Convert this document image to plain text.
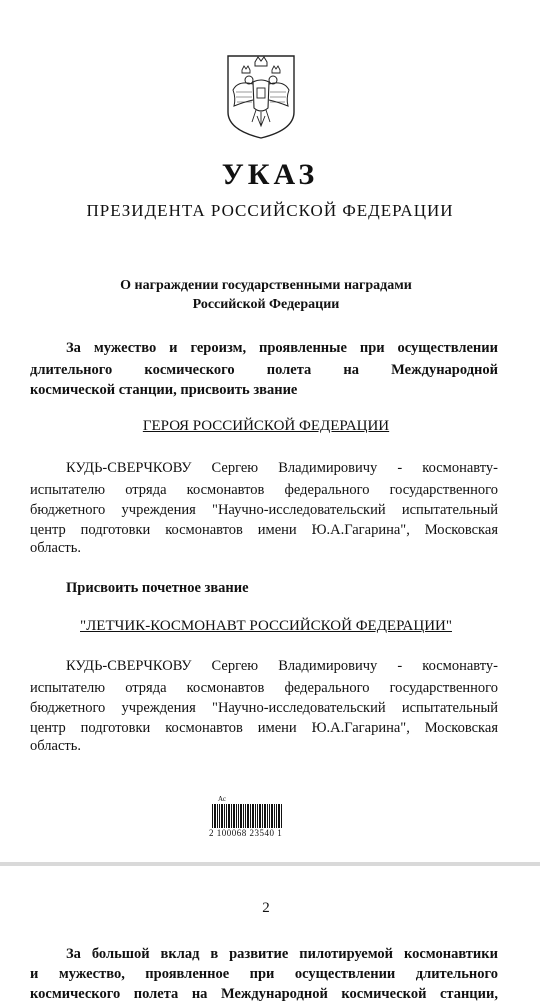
УКАЗ
ПРЕЗИДЕНТА РОССИЙСКОЙ ФЕДЕРАЦИИ
О награждении государственными наградами
Российской Федерации
За мужество и героизм, проявленные при осуществлении
длительного космического полета на Международной
космической станции, присвоить звание
ГЕРОЯ РОССИЙСКОЙ ФЕДЕРАЦИИ
КУДЬ-СВЕРЧКОВУ Сергею Владимировичу - космонавту-
испытателю отряда космонавтов федерального государственного
бюджетного учреждения "Научно-исследовательский испытательный
центр подготовки космонавтов имени Ю.А.Гагарина", Московская
область.
Присвоить почетное звание
"ЛЕТЧИК-КОСМОНАВТ РОССИЙСКОЙ ФЕДЕРАЦИИ"
КУДЬ-СВЕРЧКОВУ Сергею Владимировичу - космонавту-
испытателю отряда космонавтов федерального государственного
бюджетного учреждения "Научно-исследовательский испытательный
центр подготовки космонавтов имени Ю.А.Гагарина", Московская
область.
Ас
2 100068 23540 1
2
За большой вклад в развитие пилотируемой космонавтики
и мужество, проявленное при осуществлении длительного
космического полета на Международной космической станции,
